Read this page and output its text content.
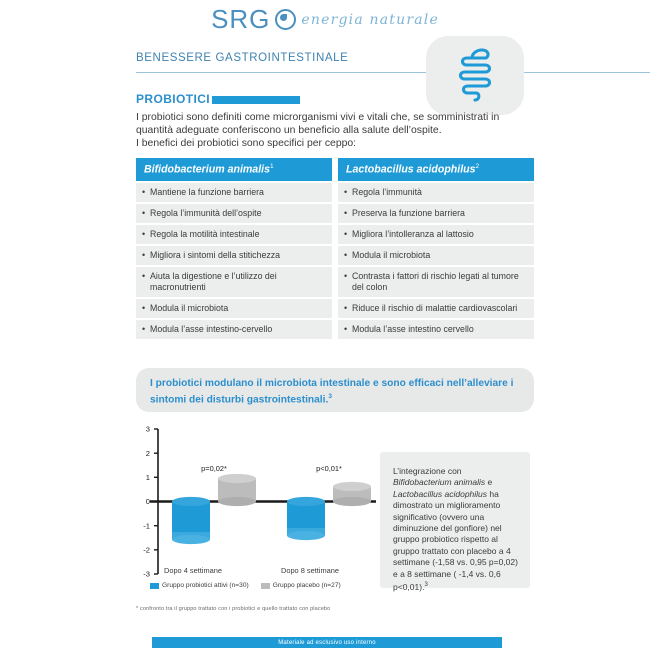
SRG energia naturale
BENESSERE GASTROINTESTINALE
PROBIOTICI
I probiotici sono definiti come microrganismi vivi e vitali che, se somministrati in
quantità adeguate conferiscono un beneficio alla salute dell’ospite.
I benefici dei probiotici sono specifici per ceppo:
Bifidobacterium animalis$^1$
• Mantiene la funzione barriera
• Regola l’immunità dell’ospite
• Regola la motilità intestinale
• Migliora i sintomi della stitichezza
• Aiuta la digestione e l’utilizzo dei macronutrienti
• Modula il microbiota
• Modula l’asse intestino-cervello
Lactobacillus acidophilus$^2$
• Regola l’immunità
• Preserva la funzione barriera
• Migliora l’intolleranza al lattosio
• Modula il microbiota
• Contrasta i fattori di rischio legati al tumore del colon
• Riduce il rischio di malattie cardiovascolari
• Modula l’asse intestino cervello
I probiotici modulano il microbiota intestinale e sono efficaci nell’alleviare i sintomi dei disturbi gastrointestinali.$^3$
3
2
1
0
-1
-2
-3
p=0,02*	p<0,01*
Dopo 4 settimane	Dopo 8 settimane
Gruppo probiotici attivi (n=30)	Gruppo placebo (n=27)

L’integrazione con Bifidobacterium animalis e Lactobacillus acidophilus ha dimostrato un miglioramento significativo (ovvero una diminuzione del gonfiore) nel gruppo probiotico rispetto al gruppo trattato con placebo a 4 settimane (-1,58 vs. 0,95 p=0,02) e a 8 settimane ( -1,4 vs. 0,6 p<0,01).$^3$

* confronto tra il gruppo trattato con i probiotici e quello trattato con placebo
Materiale ad esclusivo uso interno
